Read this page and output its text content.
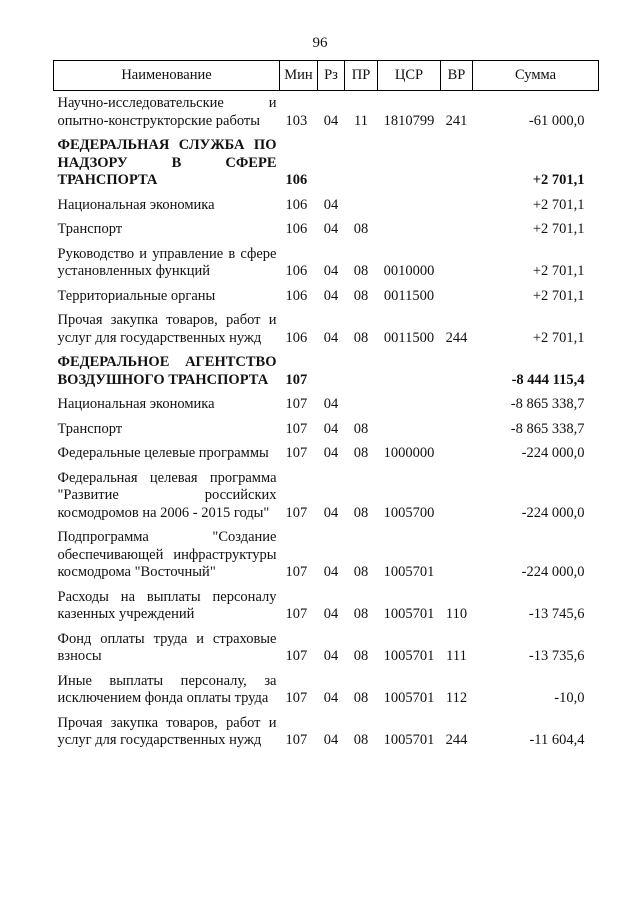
96
Наименование	Мин	Рз	ПР	ЦСР	ВР	Сумма
Научно-исследовательские и опытно-конструкторские работы	103	04	11	1810799	241	-61 000,0
ФЕДЕРАЛЬНАЯ СЛУЖБА ПО НАДЗОРУ В СФЕРЕ ТРАНСПОРТА	106					+2 701,1
Национальная экономика	106	04				+2 701,1
Транспорт	106	04	08			+2 701,1
Руководство и управление в сфере установленных функций	106	04	08	0010000		+2 701,1
Территориальные органы	106	04	08	0011500		+2 701,1
Прочая закупка товаров, работ и услуг для государственных нужд	106	04	08	0011500	244	+2 701,1
ФЕДЕРАЛЬНОЕ АГЕНТСТВО ВОЗДУШНОГО ТРАНСПОРТА	107					-8 444 115,4
Национальная экономика	107	04				-8 865 338,7
Транспорт	107	04	08			-8 865 338,7
Федеральные целевые программы	107	04	08	1000000		-224 000,0
Федеральная целевая программа "Развитие российских космодромов на 2006 - 2015 годы"	107	04	08	1005700		-224 000,0
Подпрограмма "Создание обеспечивающей инфраструктуры космодрома "Восточный"	107	04	08	1005701		-224 000,0
Расходы на выплаты персоналу казенных учреждений	107	04	08	1005701	110	-13 745,6
Фонд оплаты труда и страховые взносы	107	04	08	1005701	111	-13 735,6
Иные выплаты персоналу, за исключением фонда оплаты труда	107	04	08	1005701	112	-10,0
Прочая закупка товаров, работ и услуг для государственных нужд	107	04	08	1005701	244	-11 604,4
